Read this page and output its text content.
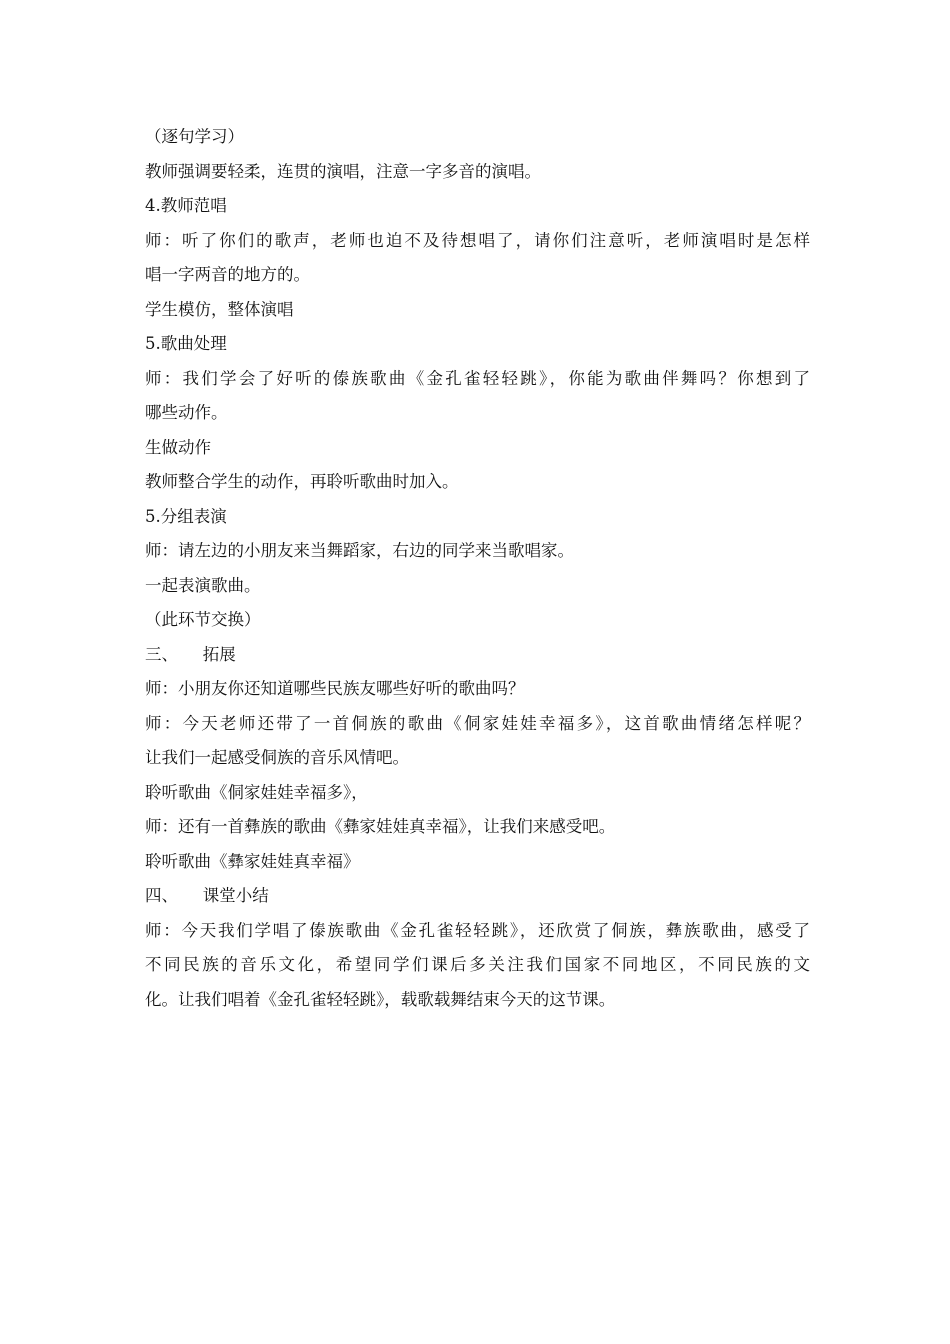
（逐句学习）
教师强调要轻柔，连贯的演唱，注意一字多音的演唱。
4.教师范唱
师：听了你们的歌声，老师也迫不及待想唱了，请你们注意听，老师演唱时是怎样
唱一字两音的地方的。
学生模仿，整体演唱
5.歌曲处理
师：我们学会了好听的傣族歌曲《金孔雀轻轻跳》，你能为歌曲伴舞吗？你想到了
哪些动作。
生做动作
教师整合学生的动作，再聆听歌曲时加入。
5.分组表演
师：请左边的小朋友来当舞蹈家，右边的同学来当歌唱家。
一起表演歌曲。
（此环节交换）
三、　　拓展
师：小朋友你还知道哪些民族友哪些好听的歌曲吗？
师：今天老师还带了一首侗族的歌曲《侗家娃娃幸福多》，这首歌曲情绪怎样呢？
让我们一起感受侗族的音乐风情吧。
聆听歌曲《侗家娃娃幸福多》，
师：还有一首彝族的歌曲《彝家娃娃真幸福》，让我们来感受吧。
聆听歌曲《彝家娃娃真幸福》
四、　　课堂小结
师：今天我们学唱了傣族歌曲《金孔雀轻轻跳》，还欣赏了侗族，彝族歌曲，感受了
不同民族的音乐文化，希望同学们课后多关注我们国家不同地区，不同民族的文
化。让我们唱着《金孔雀轻轻跳》，载歌载舞结束今天的这节课。
